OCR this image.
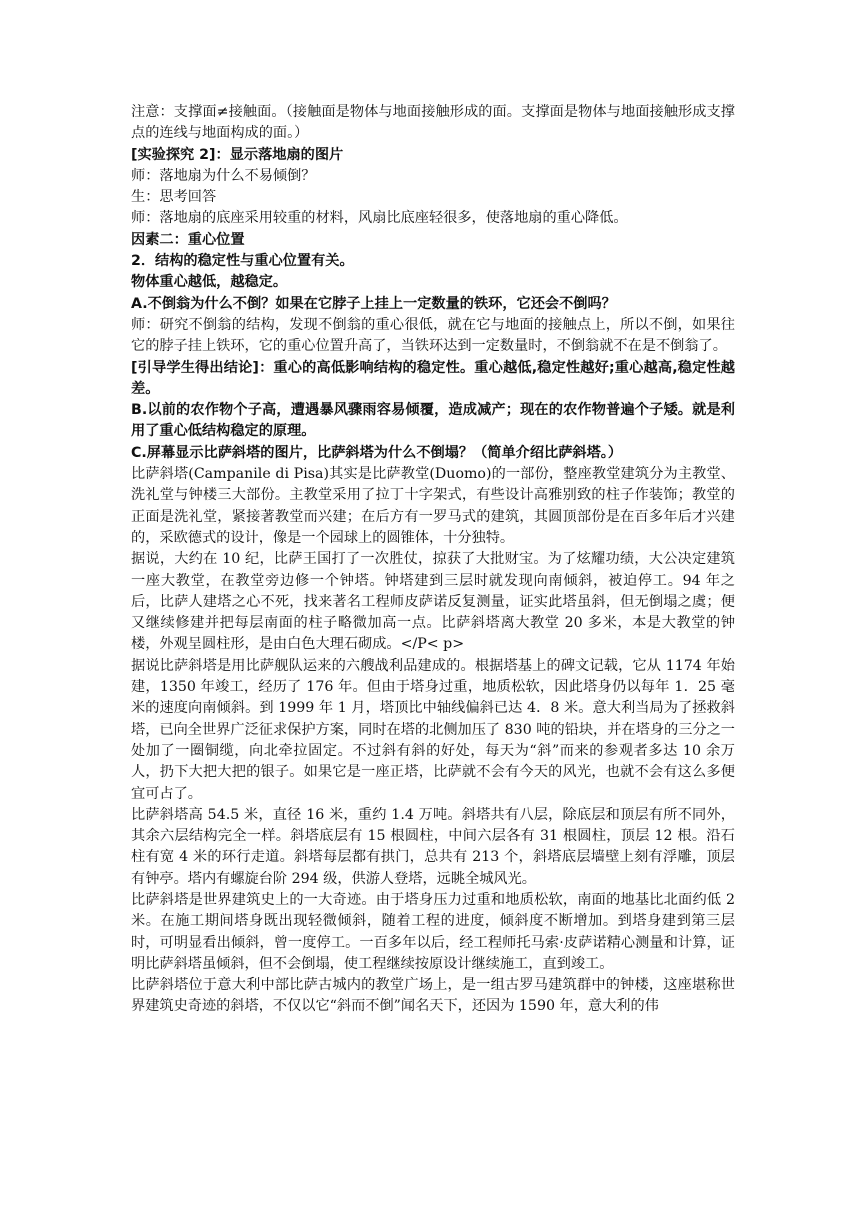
注意：支撑面≠接触面。（接触面是物体与地面接触形成的面。支撑面是物体与地面接触形成支撑点的连线与地面构成的面。）

[实验探究 2]：显示落地扇的图片

师：落地扇为什么不易倾倒？

生：思考回答

师：落地扇的底座采用较重的材料，风扇比底座轻很多，使落地扇的重心降低。

因素二：重心位置

2．结构的稳定性与重心位置有关。

物体重心越低，越稳定。

A.不倒翁为什么不倒？如果在它脖子上挂上一定数量的铁环，它还会不倒吗？

师：研究不倒翁的结构，发现不倒翁的重心很低，就在它与地面的接触点上，所以不倒，如果往它的脖子挂上铁环，它的重心位置升高了，当铁环达到一定数量时，不倒翁就不在是不倒翁了。

[引导学生得出结论]：重心的高低影响结构的稳定性。重心越低,稳定性越好;重心越高,稳定性越差。

B.以前的农作物个子高，遭遇暴风骤雨容易倾覆，造成减产；现在的农作物普遍个子矮。就是利用了重心低结构稳定的原理。

C.屏幕显示比萨斜塔的图片，比萨斜塔为什么不倒塌？（简单介绍比萨斜塔。）

比萨斜塔(Campanile di Pisa)其实是比萨教堂(Duomo)的一部份，整座教堂建筑分为主教堂、洗礼堂与钟楼三大部份。主教堂采用了拉丁十字架式，有些设计高雅别致的柱子作装饰；教堂的正面是洗礼堂，紧接著教堂而兴建；在后方有一罗马式的建筑，其圆顶部份是在百多年后才兴建的，采欧德式的设计，像是一个园球上的圆锥体，十分独特。

据说，大约在 10 纪，比萨王国打了一次胜仗，掠获了大批财宝。为了炫耀功绩，大公决定建筑一座大教堂，在教堂旁边修一个钟塔。钟塔建到三层时就发现向南倾斜，被迫停工。94 年之后，比萨人建塔之心不死，找来著名工程师皮萨诺反复测量，证实此塔虽斜，但无倒塌之虞；便又继续修建并把每层南面的柱子略微加高一点。比萨斜塔离大教堂 20 多米，本是大教堂的钟楼，外观呈圆柱形，是由白色大理石砌成。</P< p>

据说比萨斜塔是用比萨舰队运来的六艘战利品建成的。根据塔基上的碑文记载，它从 1174 年始建，1350 年竣工，经历了 176 年。但由于塔身过重，地质松软，因此塔身仍以每年 1．25 毫米的速度向南倾斜。到 1999 年 1 月，塔顶比中轴线偏斜已达 4．8 米。意大利当局为了拯救斜塔，已向全世界广泛征求保护方案，同时在塔的北侧加压了 830 吨的铅块，并在塔身的三分之一处加了一圈铜缆，向北牵拉固定。不过斜有斜的好处，每天为“斜”而来的参观者多达 10 余万人，扔下大把大把的银子。如果它是一座正塔，比萨就不会有今天的风光，也就不会有这么多便宜可占了。

比萨斜塔高 54.5 米，直径 16 米，重约 1.4 万吨。斜塔共有八层，除底层和顶层有所不同外，其余六层结构完全一样。斜塔底层有 15 根圆柱，中间六层各有 31 根圆柱，顶层 12 根。沿石柱有宽 4 米的环行走道。斜塔每层都有拱门，总共有 213 个，斜塔底层墙壁上刻有浮雕，顶层有钟亭。塔内有螺旋台阶 294 级，供游人登塔，远眺全城风光。

比萨斜塔是世界建筑史上的一大奇迹。由于塔身压力过重和地质松软，南面的地基比北面约低 2 米。在施工期间塔身既出现轻微倾斜，随着工程的进度，倾斜度不断增加。到塔身建到第三层时，可明显看出倾斜，曾一度停工。一百多年以后，经工程师托马索·皮萨诺精心测量和计算，证明比萨斜塔虽倾斜，但不会倒塌，使工程继续按原设计继续施工，直到竣工。

比萨斜塔位于意大利中部比萨古城内的教堂广场上，是一组古罗马建筑群中的钟楼，这座堪称世界建筑史奇迹的斜塔，不仅以它“斜而不倒”闻名天下，还因为 1590 年，意大利的伟
